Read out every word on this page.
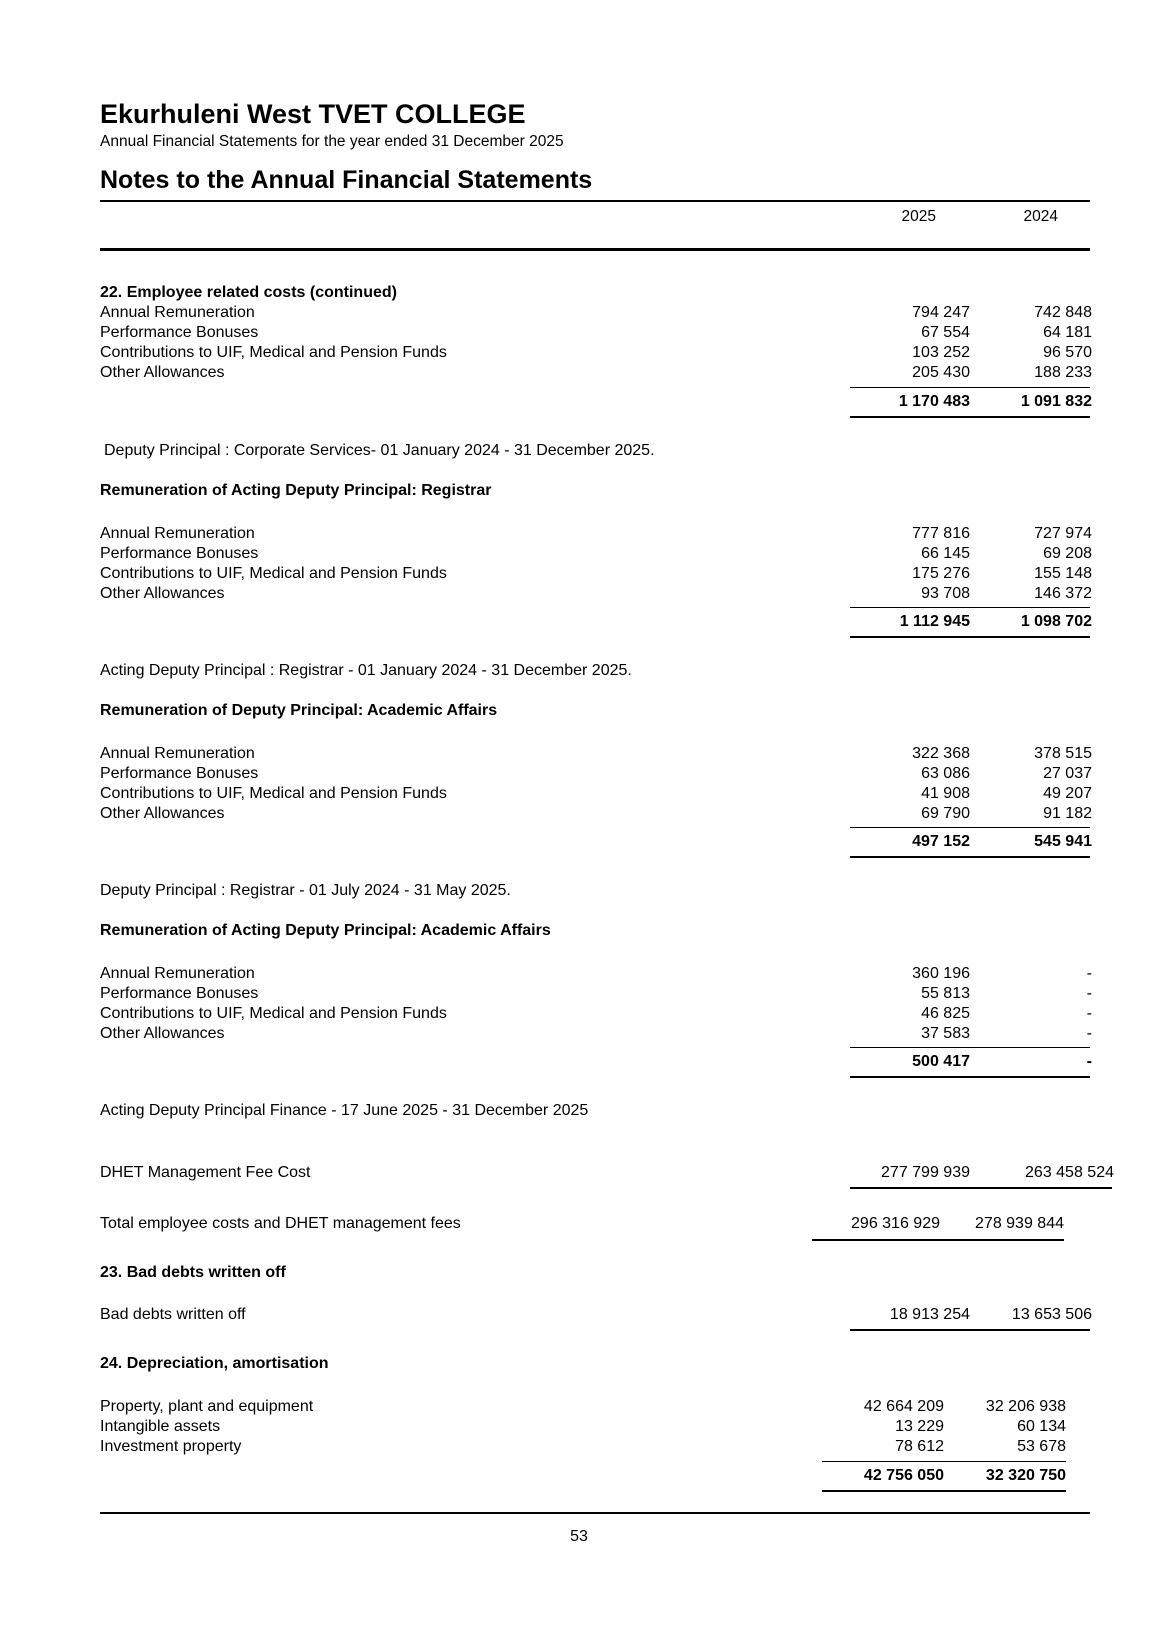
Ekurhuleni West TVET COLLEGE
Annual Financial Statements for the year ended 31 December 2025
Notes to the Annual Financial Statements
2025	2024
22. Employee related costs (continued)
Annual Remuneration	794 247	742 848
Performance Bonuses	67 554	64 181
Contributions to UIF, Medical and Pension Funds	103 252	96 570
Other Allowances	205 430	188 233
1 170 483	1 091 832
Deputy Principal : Corporate Services- 01 January 2024 - 31 December 2025.
Remuneration of Acting Deputy Principal: Registrar
Annual Remuneration	777 816	727 974
Performance Bonuses	66 145	69 208
Contributions to UIF, Medical and Pension Funds	175 276	155 148
Other Allowances	93 708	146 372
1 112 945	1 098 702
Acting Deputy Principal : Registrar - 01 January 2024 - 31 December 2025.
Remuneration of Deputy Principal: Academic Affairs
Annual Remuneration	322 368	378 515
Performance Bonuses	63 086	27 037
Contributions to UIF, Medical and Pension Funds	41 908	49 207
Other Allowances	69 790	91 182
497 152	545 941
Deputy Principal : Registrar - 01 July 2024 - 31 May 2025.
Remuneration of Acting Deputy Principal: Academic Affairs
Annual Remuneration	360 196	-
Performance Bonuses	55 813	-
Contributions to UIF, Medical and Pension Funds	46 825	-
Other Allowances	37 583	-
500 417	-
Acting Deputy Principal Finance - 17 June 2025 - 31 December 2025
DHET Management Fee Cost	277 799 939	263 458 524
Total employee costs and DHET management fees	296 316 929	278 939 844
23. Bad debts written off
Bad debts written off	18 913 254	13 653 506
24. Depreciation, amortisation
Property, plant and equipment	42 664 209	32 206 938
Intangible assets	13 229	60 134
Investment property	78 612	53 678
42 756 050	32 320 750
53
